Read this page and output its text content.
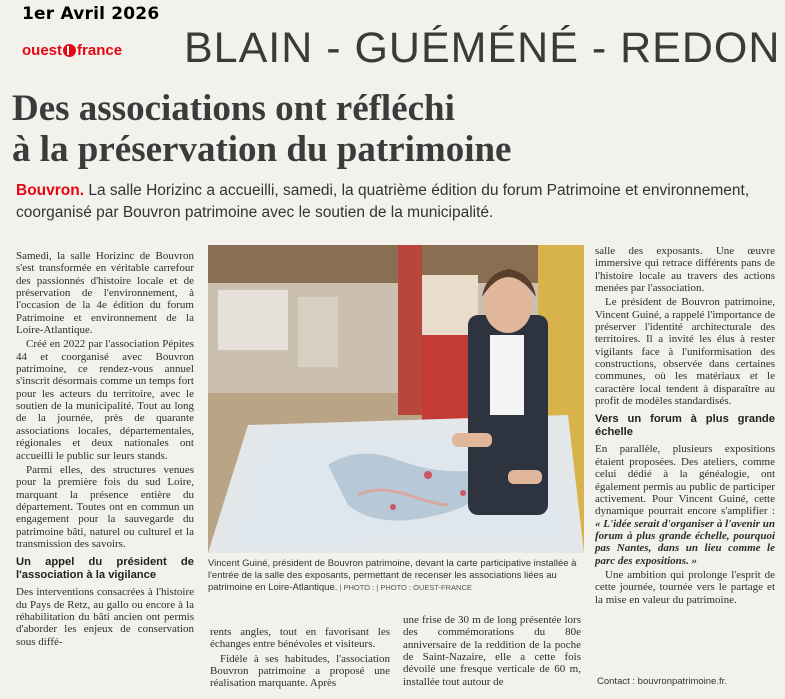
1er Avril 2026
ouest france BLAIN - GUÉMÉNÉ - REDON
Des associations ont réfléchi
à la préservation du patrimoine

Bouvron. La salle Horizinc a accueilli, samedi, la quatrième édition du forum Patrimoine et environnement, coorganisé par Bouvron patrimoine avec le soutien de la municipalité.

Samedi, la salle Horizinc de Bouvron s'est transformée en véritable carrefour des passionnés d'histoire locale et de préservation de l'environnement, à l'occasion de la 4e édition du forum Patrimoine et environnement de la Loire-Atlantique.

Créé en 2022 par l'association Pépites 44 et coorganisé avec Bouvron patrimoine, ce rendez-vous annuel s'inscrit désormais comme un temps fort pour les acteurs du territoire, avec le soutien de la municipalité. Tout au long de la journée, près de quarante associations locales, départementales, régionales et deux nationales ont accueilli le public sur leurs stands.

Parmi elles, des structures venues pour la première fois du sud Loire, marquant la présence entière du département. Toutes ont en commun un engagement pour la sauvegarde du patrimoine bâti, naturel ou culturel et la transmission des savoirs.

Un appel du président de l'association à la vigilance

Des interventions consacrées à l'histoire du Pays de Retz, au gallo ou encore à la réhabilitation du bâti ancien ont permis d'aborder les enjeux de conservation sous diffé-

Vincent Guiné, président de Bouvron patrimoine, devant la carte participative installée à l'entrée de la salle des exposants, permettant de recenser les associations liées au patrimoine en Loire-Atlantique. | PHOTO : | PHOTO : OUEST-FRANCE

rents angles, tout en favorisant les échanges entre bénévoles et visiteurs.

Fidèle à ses habitudes, l'association Bouvron patrimoine a proposé une réalisation marquante. Après

une frise de 30 m de long présentée lors des commémorations du 80e anniversaire de la reddition de la poche de Saint-Nazaire, elle a cette fois dévoilé une fresque verticale de 60 m, installée tout autour de

salle des exposants. Une œuvre immersive qui retrace différents pans de l'histoire locale au travers des actions menées par l'association.

Le président de Bouvron patrimoine, Vincent Guiné, a rappelé l'importance de préserver l'identité architecturale des territoires. Il a invité les élus à rester vigilants face à l'uniformisation des constructions, observée dans certaines communes, où les matériaux et le caractère local tendent à disparaître au profit de modèles standardisés.

Vers un forum à plus grande échelle

En parallèle, plusieurs expositions étaient proposées. Des ateliers, comme celui dédié à la généalogie, ont également permis au public de participer activement. Pour Vincent Guiné, cette dynamique pourrait encore s'amplifier : « L'idée serait d'organiser à l'avenir un forum à plus grande échelle, pourquoi pas Nantes, dans un lieu comme le parc des expositions. »

Une ambition qui prolonge l'esprit de cette journée, tournée vers le partage et la mise en valeur du patrimoine.

Contact : bouvronpatrimoine.fr.
